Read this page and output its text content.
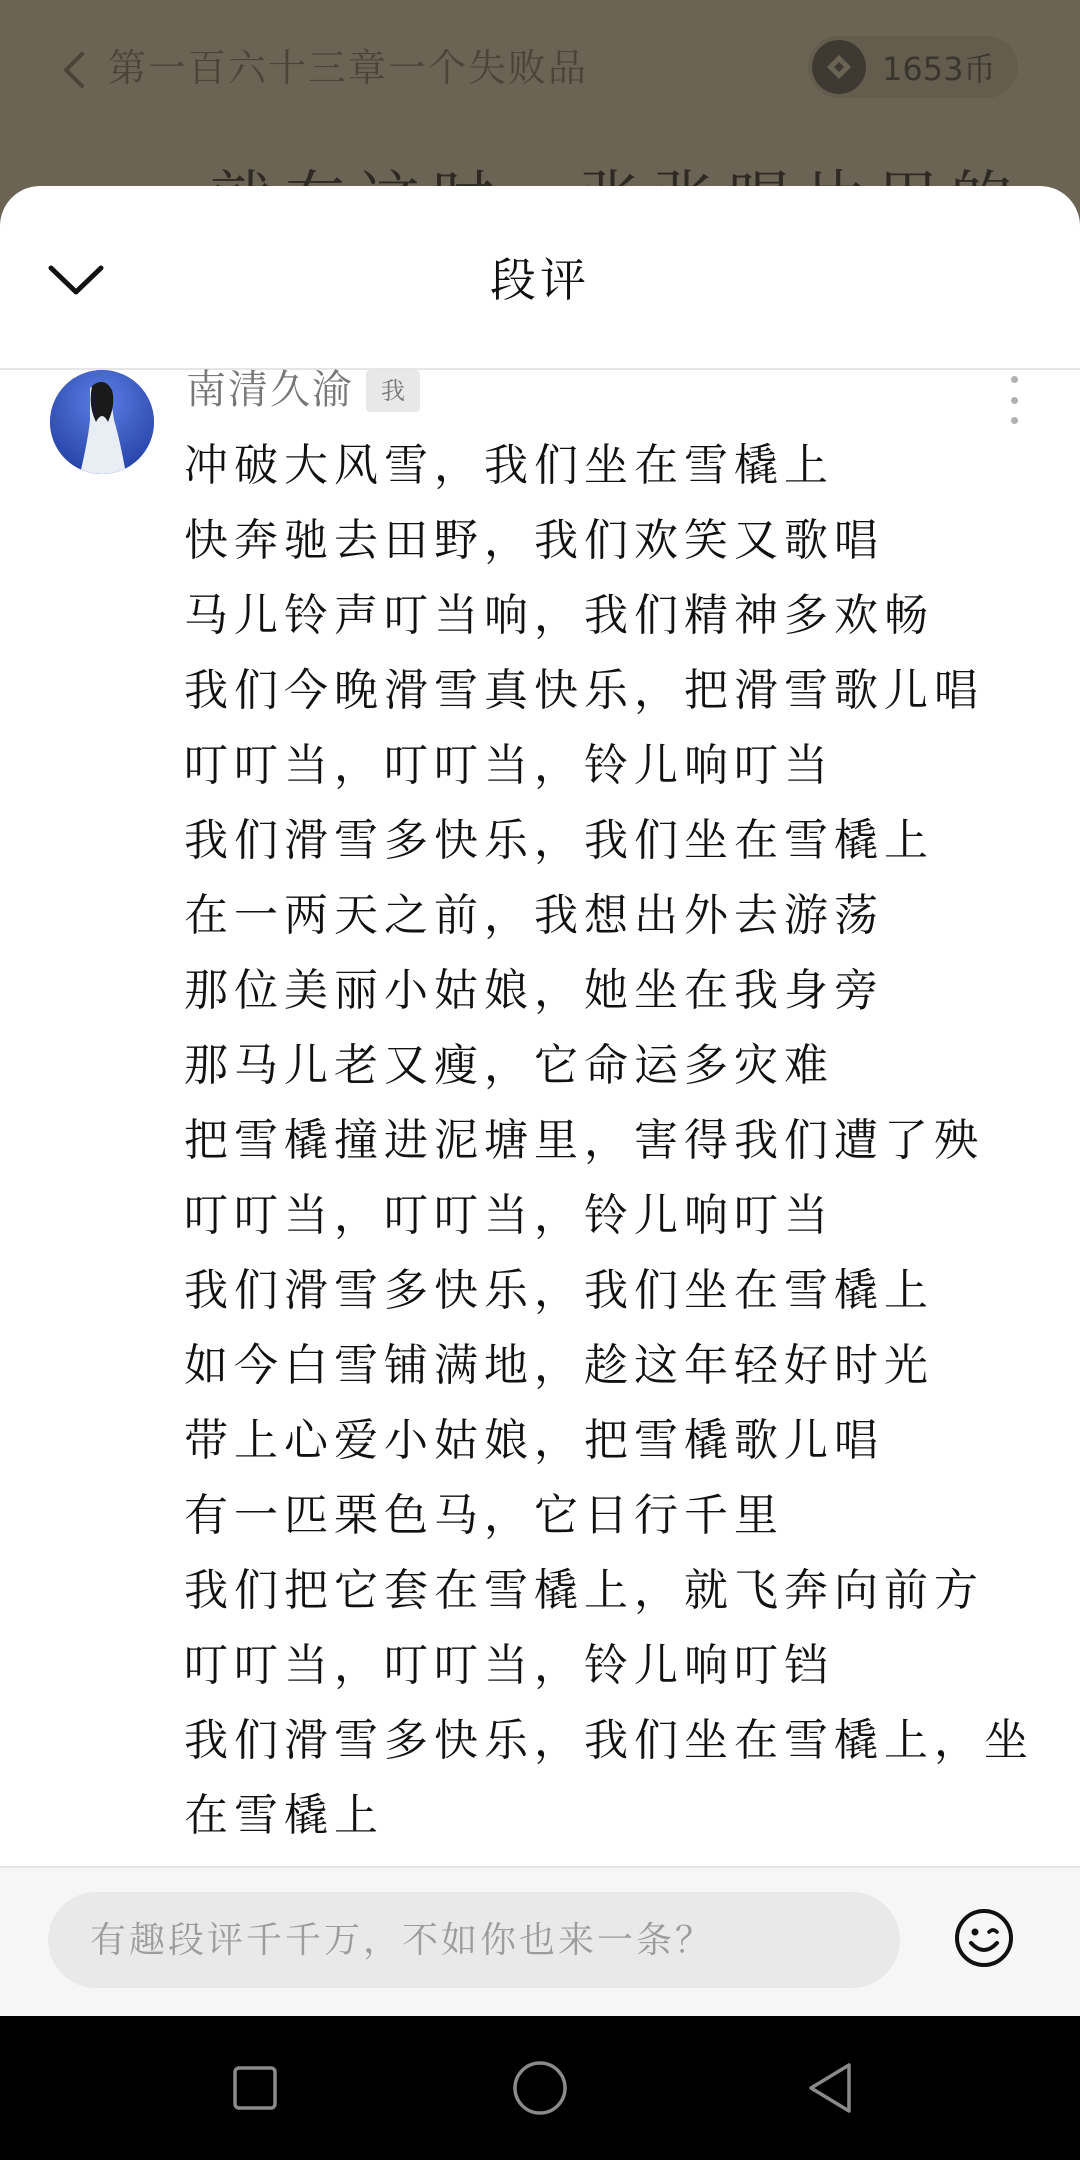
第一百六十三章一个失败品	1653币
段评
南清久渝	我
冲破大风雪，我们坐在雪橇上
快奔驰去田野，我们欢笑又歌唱
马儿铃声叮当响，我们精神多欢畅
我们今晚滑雪真快乐，把滑雪歌儿唱
叮叮当，叮叮当，铃儿响叮当
我们滑雪多快乐，我们坐在雪橇上
在一两天之前，我想出外去游荡
那位美丽小姑娘，她坐在我身旁
那马儿老又瘦，它命运多灾难
把雪橇撞进泥塘里，害得我们遭了殃
叮叮当，叮叮当，铃儿响叮当
我们滑雪多快乐，我们坐在雪橇上
如今白雪铺满地，趁这年轻好时光
带上心爱小姑娘，把雪橇歌儿唱
有一匹栗色马，它日行千里
我们把它套在雪橇上，就飞奔向前方
叮叮当，叮叮当，铃儿响叮铛
我们滑雪多快乐，我们坐在雪橇上，坐
在雪橇上
有趣段评千千万，不如你也来一条？
